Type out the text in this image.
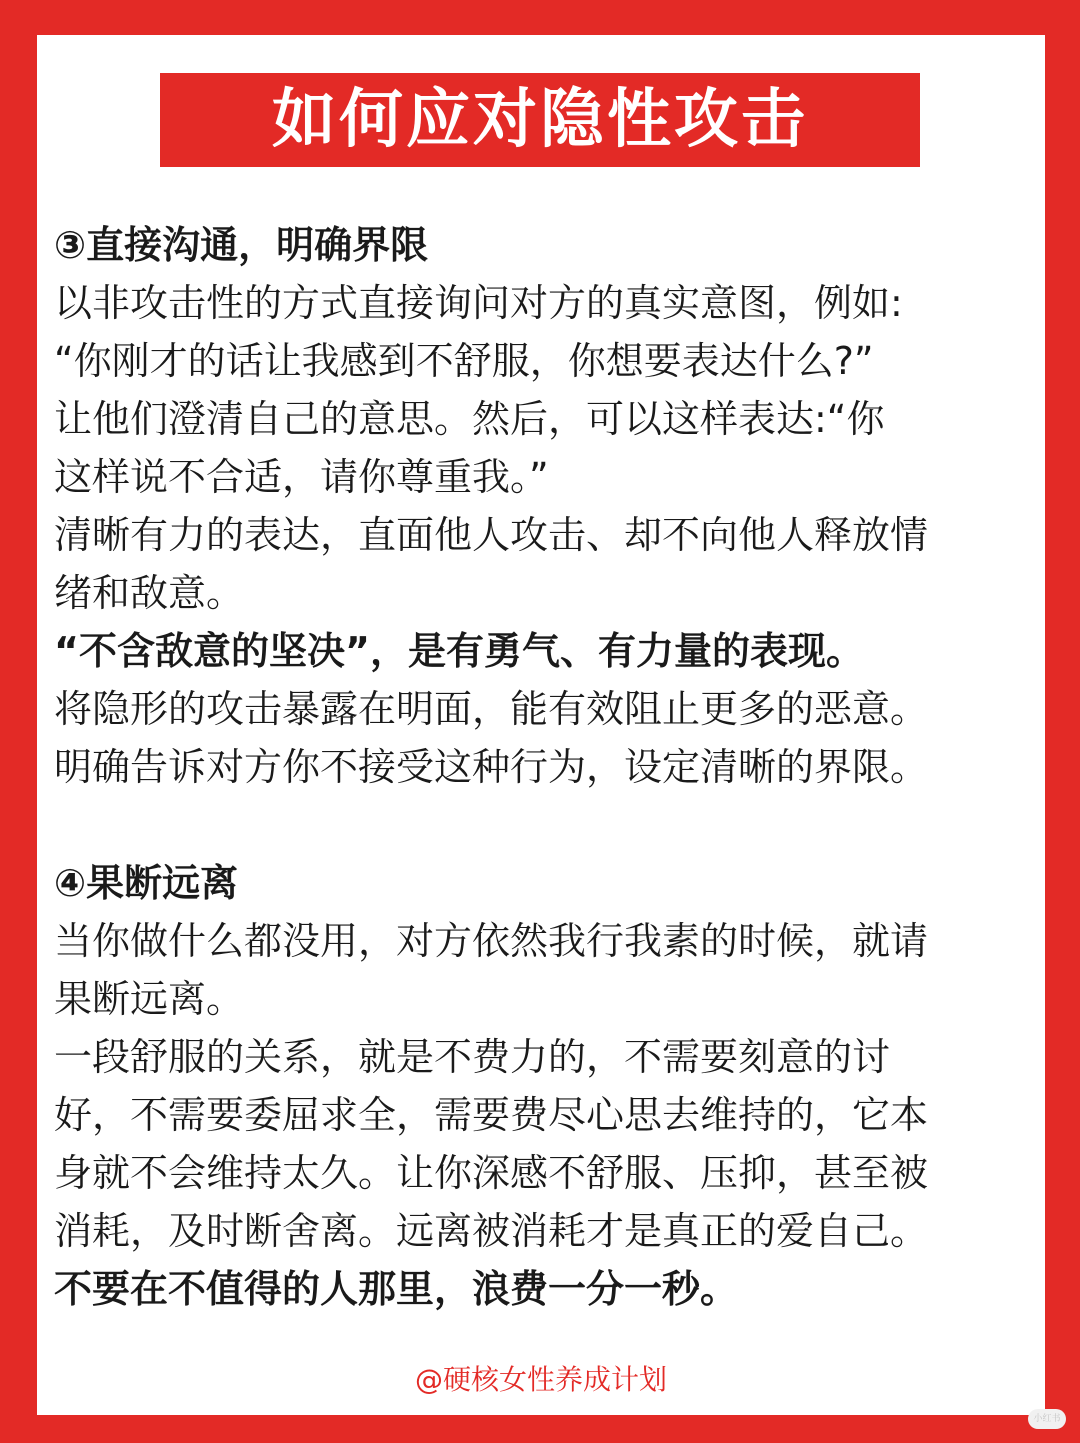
如何应对隐性攻击
③直接沟通，明确界限
以非攻击性的方式直接询问对方的真实意图，例如:
“你刚才的话让我感到不舒服，你想要表达什么?”
让他们澄清自己的意思。然后，可以这样表达:“你
这样说不合适，请你尊重我。”
清晰有力的表达，直面他人攻击、却不向他人释放情
绪和敌意。
“不含敌意的坚决”，是有勇气、有力量的表现。
将隐形的攻击暴露在明面，能有效阻止更多的恶意。
明确告诉对方你不接受这种行为，设定清晰的界限。
④果断远离
当你做什么都没用，对方依然我行我素的时候，就请
果断远离。
一段舒服的关系，就是不费力的，不需要刻意的讨
好，不需要委屈求全，需要费尽心思去维持的，它本
身就不会维持太久。让你深感不舒服、压抑，甚至被
消耗，及时断舍离。远离被消耗才是真正的爱自己。
不要在不值得的人那里，浪费一分一秒。
@硬核女性养成计划
小红书
